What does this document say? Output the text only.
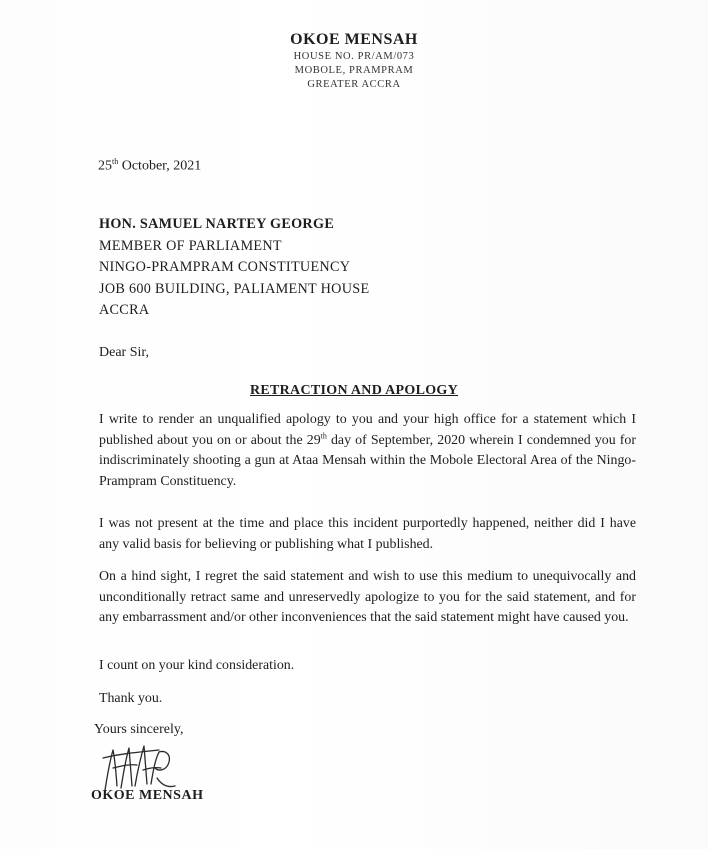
OKOE MENSAH
HOUSE NO. PR/AM/073
MOBOLE, PRAMPRAM
GREATER ACCRA
25th October, 2021
HON. SAMUEL NARTEY GEORGE
MEMBER OF PARLIAMENT
NINGO-PRAMPRAM CONSTITUENCY
JOB 600 BUILDING, PALIAMENT HOUSE
ACCRA
Dear Sir,
RETRACTION AND APOLOGY
I write to render an unqualified apology to you and your high office for a statement which I published about you on or about the 29th day of September, 2020 wherein I condemned you for indiscriminately shooting a gun at Ataa Mensah within the Mobole Electoral Area of the Ningo-Prampram Constituency.
I was not present at the time and place this incident purportedly happened, neither did I have any valid basis for believing or publishing what I published.
On a hind sight, I regret the said statement and wish to use this medium to unequivocally and unconditionally retract same and unreservedly apologize to you for the said statement, and for any embarrassment and/or other inconveniences that the said statement might have caused you.
I count on your kind consideration.
Thank you.
Yours sincerely,
OKOE MENSAH
